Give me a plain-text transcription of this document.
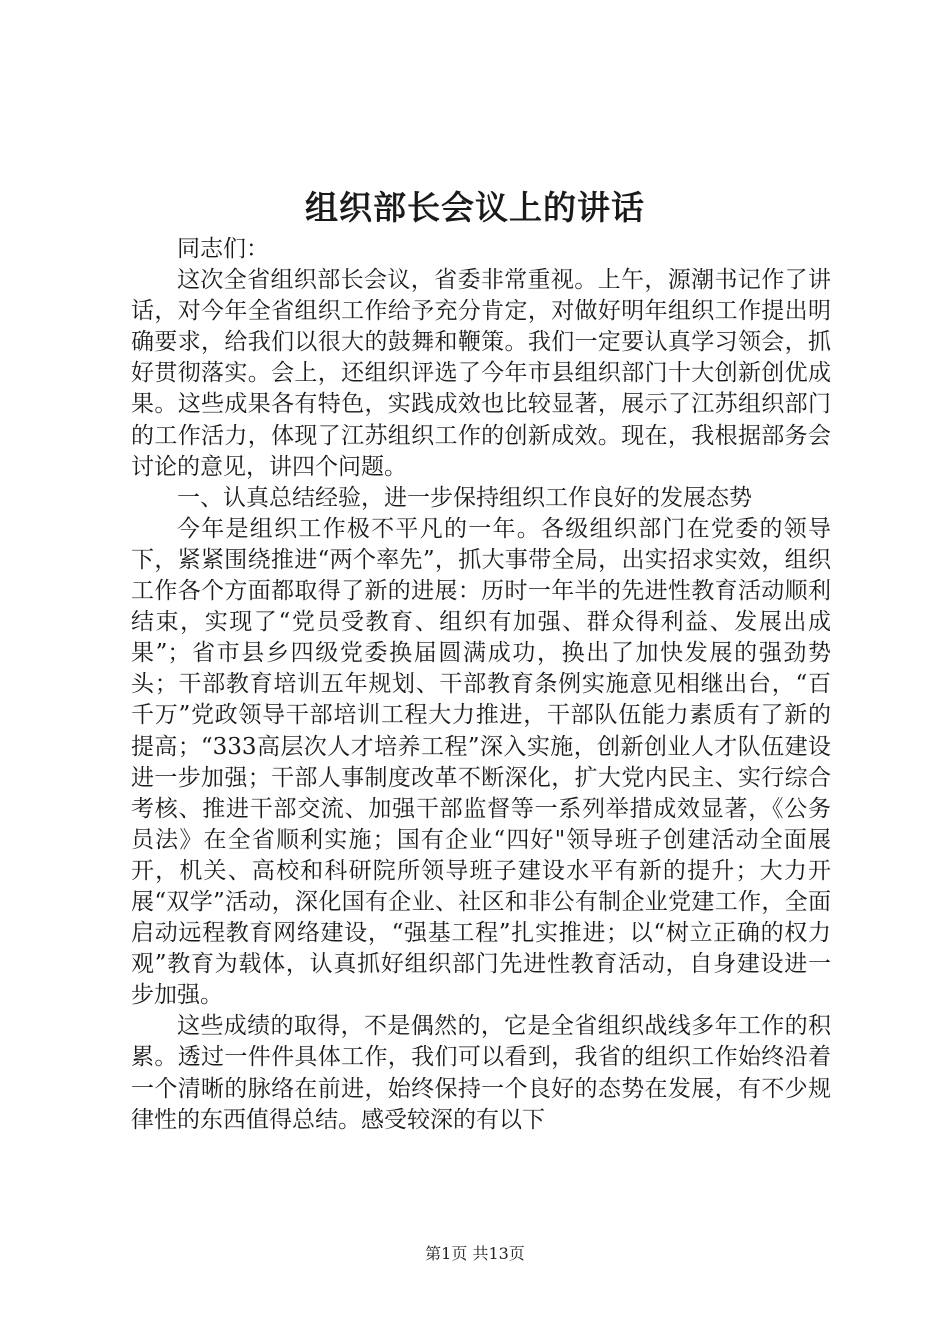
组织部长会议上的讲话

同志们：

这次全省组织部长会议，省委非常重视。上午，源潮书记作了讲话，对今年全省组织工作给予充分肯定，对做好明年组织工作提出明确要求，给我们以很大的鼓舞和鞭策。我们一定要认真学习领会，抓好贯彻落实。会上，还组织评选了今年市县组织部门十大创新创优成果。这些成果各有特色，实践成效也比较显著，展示了江苏组织部门的工作活力，体现了江苏组织工作的创新成效。现在，我根据部务会讨论的意见，讲四个问题。

一、认真总结经验，进一步保持组织工作良好的发展态势

今年是组织工作极不平凡的一年。各级组织部门在党委的领导下，紧紧围绕推进“两个率先”，抓大事带全局，出实招求实效，组织工作各个方面都取得了新的进展：历时一年半的先进性教育活动顺利结束，实现了“党员受教育、组织有加强、群众得利益、发展出成果”；省市县乡四级党委换届圆满成功，换出了加快发展的强劲势头；干部教育培训五年规划、干部教育条例实施意见相继出台，“百千万”党政领导干部培训工程大力推进，干部队伍能力素质有了新的提高；“333高层次人才培养工程”深入实施，创新创业人才队伍建设进一步加强；干部人事制度改革不断深化，扩大党内民主、实行综合考核、推进干部交流、加强干部监督等一系列举措成效显著，《公务员法》在全省顺利实施；国有企业“四好"领导班子创建活动全面展开，机关、高校和科研院所领导班子建设水平有新的提升；大力开展“双学”活动，深化国有企业、社区和非公有制企业党建工作，全面启动远程教育网络建设，“强基工程”扎实推进；以“树立正确的权力观”教育为载体，认真抓好组织部门先进性教育活动，自身建设进一步加强。

这些成绩的取得，不是偶然的，它是全省组织战线多年工作的积累。透过一件件具体工作，我们可以看到，我省的组织工作始终沿着一个清晰的脉络在前进，始终保持一个良好的态势在发展，有不少规律性的东西值得总结。感受较深的有以下

第1页 共13页
